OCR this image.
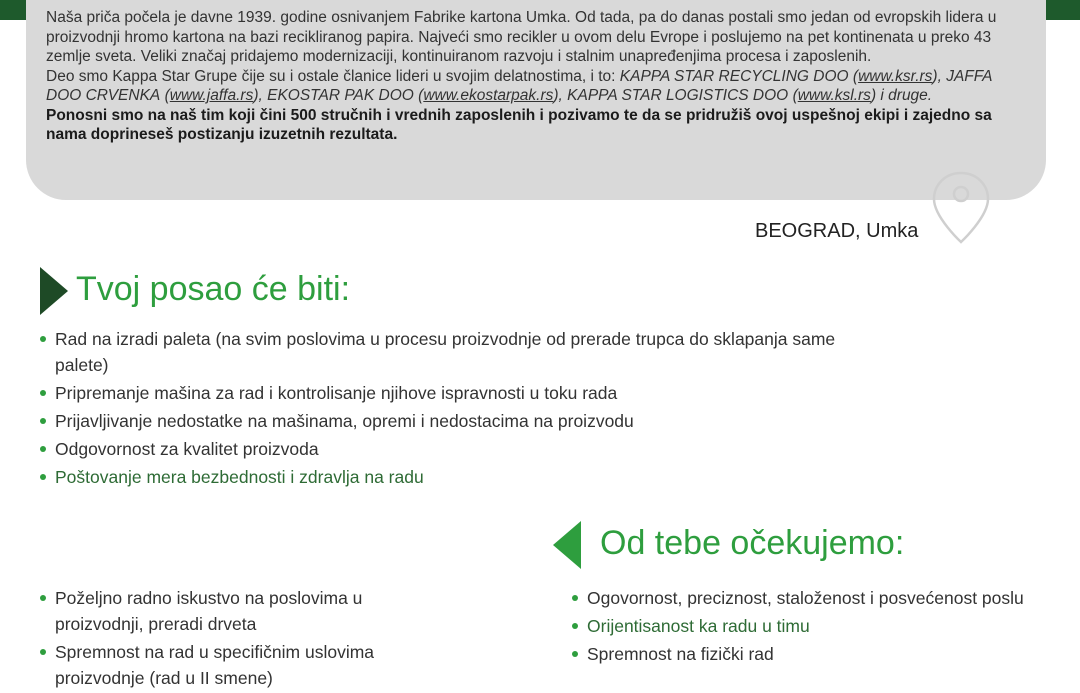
Naša priča počela je davne 1939. godine osnivanjem Fabrike kartona Umka. Od tada, pa do danas postali smo jedan od evropskih lidera u proizvodnji hromo kartona na bazi recikliranog papira. Najveći smo recikler u ovom delu Evrope i poslujemo na pet kontinenata u preko 43 zemlje sveta. Veliki značaj pridajemo modernizaciji, kontinuiranom razvoju i stalnim unapređenjima procesa i zaposlenih.

Deo smo Kappa Star Grupe čije su i ostale članice lideri u svojim delatnostima, i to: KAPPA STAR RECYCLING DOO (www.ksr.rs), JAFFA DOO CRVENKA (www.jaffa.rs), EKOSTAR PAK DOO (www.ekostarpak.rs), KAPPA STAR LOGISTICS DOO (www.ksl.rs) i druge.

Ponosni smo na naš tim koji čini 500 stručnih i vrednih zaposlenih i pozivamo te da se pridružiš ovoj uspešnoj ekipi i zajedno sa nama doprineseš postizanju izuzetnih rezultata.

BEOGRAD, Umka
Tvoj posao će biti:
Rad na izradi paleta (na svim poslovima u procesu proizvodnje od prerade trupca do sklapanja same palete)
Pripremanje mašina za rad i kontrolisanje njihove ispravnosti u toku rada
Prijavljivanje nedostatke na mašinama, opremi i nedostacima na proizvodu
Odgovornost za kvalitet proizvoda
Poštovanje mera bezbednosti i zdravlja na radu
Od tebe očekujemo:
Poželjno radno iskustvo na poslovima u proizvodnji, preradi drveta
Spremnost na rad u specifičnim uslovima proizvodnje (rad u II smene)
Ogovornost, preciznost, staloženost i posvećenost poslu
Orijentisanost ka radu u timu
Spremnost na fizički rad
